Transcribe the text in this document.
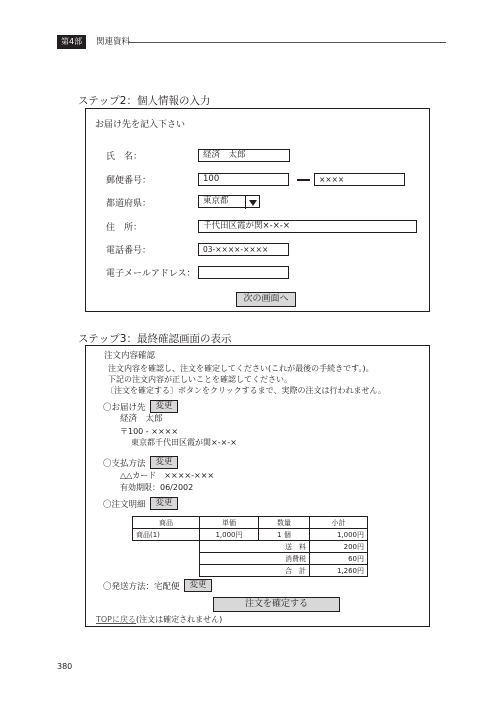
第4部	関連資料
ステップ2：個人情報の入力
お届け先を記入下さい
氏　名：	経済　太郎
郵便番号：	100	××××
都道府県：	東京都
住　所：	千代田区霞が関×-×-×
電話番号：	03-××××-××××
電子メールアドレス：
次の画面へ
ステップ3：最終確認画面の表示
注文内容確認
注文内容を確認し、注文を確定してください(これが最後の手続きです。)。
下記の注文内容が正しいことを確認してください。
〔注文を確定する〕ボタンをクリックするまで、実際の注文は行われません。
〇お届け先	変更
経済　太郎
〒100 - ××××
東京都千代田区霞が関×-×-×
〇支払方法	変更
△△カード　××××-×××
有効期限：06/2002
〇注文明細	変更
商品	単価	数量	小計
商品(1)	1,000円	1 個	1,000円
	送　料		200円
	消費税		60円
	合　計		1,260円
〇発送方法：宅配便	変更
注文を確定する
TOPに戻る(注文は確定されません)
380
